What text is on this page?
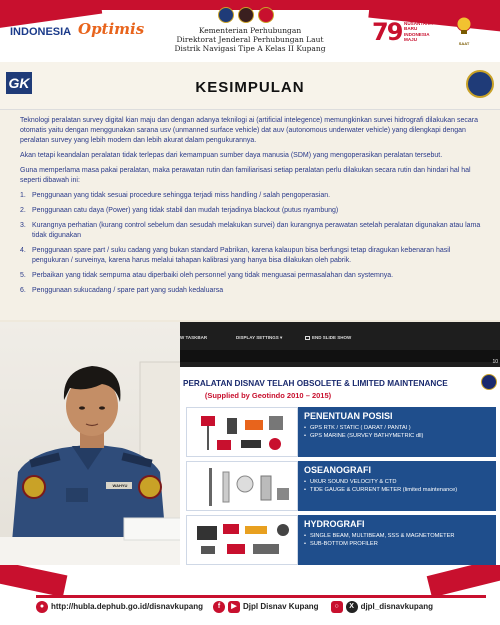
INDONESIA Optimis	Kementerian Perhubungan
Direktorat Jenderal Perhubungan Laut
Distrik Navigasi Tipe A Kelas II Kupang
79 NUSANTARA
BARU
INDONESIA
MAJU
SAAT
GK	KESIMPULAN

Teknologi peralatan survey digital kian maju dan dengan adanya teknilogi ai (artificial intelegence) memungkinkan survei hidrografi dilakukan secara otomatis yaitu dengan menggunakan sarana usv (unmanned surface vehicle) dat auv (autonomous underwater vehicle) yang dilengkapi dengan peralatan survey yang lebih modern dan lebih akurat dalam pengukurannya.

Akan tetapi keandalan peralatan tidak terlepas dari kemampuan sumber daya manusia (SDM) yang mengoperasikan peralatan tersebut.

Guna memperlama masa pakai peralatan, maka perawatan rutin dan familiarisasi setiap peralatan perlu dilakukan secara rutin dan hindari hal hal seperti dibawah ini:

1. Penggunaan yang tidak sesuai procedure sehingga terjadi miss handling / salah pengoperasian.
2. Penggunaan catu daya (Power) yang tidak stabil dan mudah terjadinya blackout (putus nyambung)
3. Kurangnya perhatian (kurang control sebelum dan sesudah melakukan survei) dan kurangnya perawatan setelah peralatan digunakan atau lama tidak digunakan
4. Penggunaan spare part / suku cadang yang bukan standard Pabrikan, karena kalaupun bisa berfungsi tetap diragukan kebenaran hasil pengukuran / surveinya, karena harus melalui tahapan kalibrasi yang hanya bisa dilakukan oleh pabrik.
5. Perbaikan yang tidak sempurna atau diperbaiki oleh personnel yang tidak menguasai permasalahan dan systemnya.
6. Penggunaan sukucadang / spare part yang sudah kedaluarsa
WAHYU
W TASKBAR	DISPLAY SETTINGS ▾	END SLIDE SHOW
10
PERALATAN DISNAV TELAH OBSOLETE & LIMITED MAINTENANCE
(Supplied by Geotindo 2010 – 2015)
PENENTUAN POSISI
• GPS RTK / STATIC ( DARAT / PANTAI )
• GPS MARINE (SURVEY BATHYMETRIC dll)
OSEANOGRAFI
• UKUR SOUND VELOCITY & CTD
• TIDE GAUGE & CURRENT METER (limited maintenance)
HYDROGRAFI
• SINGLE BEAM, MULTIBEAM, SSS & MAGNETOMETER
• SUB-BOTTOM PROFILER
● http://hubla.dephub.go.id/disnavkupang	f	▶ Djpl Disnav Kupang	○	X djpl_disnavkupang
